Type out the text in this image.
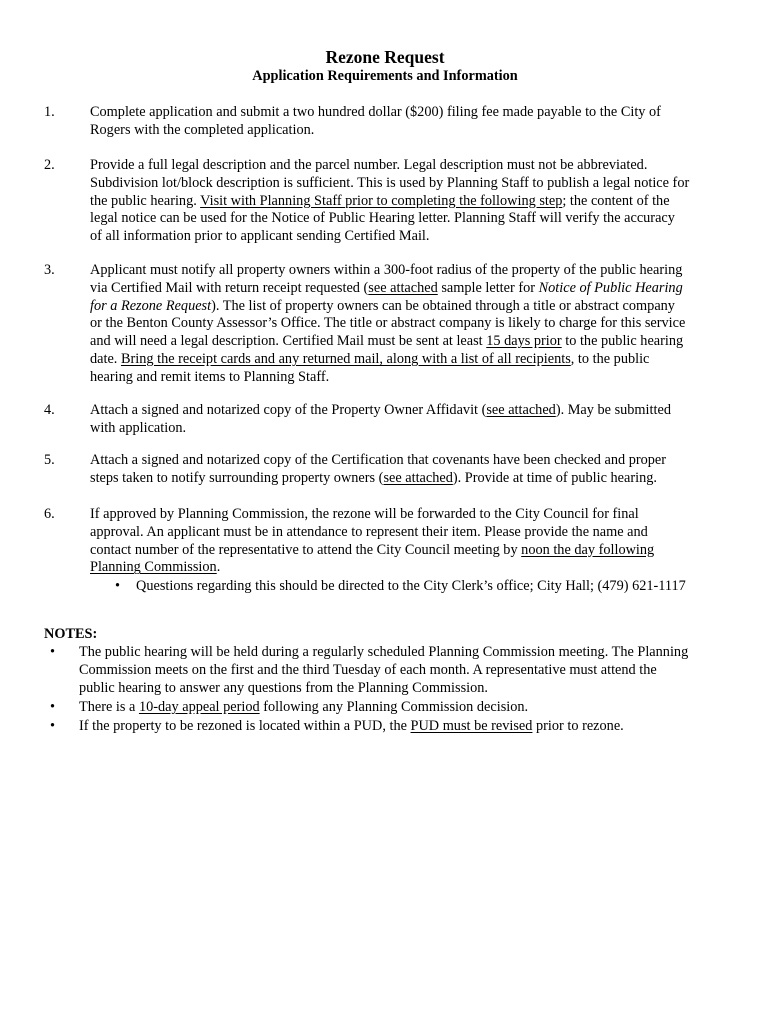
Rezone Request
Application Requirements and Information
1. Complete application and submit a two hundred dollar ($200) filing fee made payable to the City of
Rogers with the completed application.
2. Provide a full legal description and the parcel number. Legal description must not be abbreviated.
Subdivision lot/block description is sufficient. This is used by Planning Staff to publish a legal notice for
the public hearing. Visit with Planning Staff prior to completing the following step; the content of the
legal notice can be used for the Notice of Public Hearing letter. Planning Staff will verify the accuracy
of all information prior to applicant sending Certified Mail.
3. Applicant must notify all property owners within a 300-foot radius of the property of the public hearing
via Certified Mail with return receipt requested (see attached sample letter for Notice of Public Hearing
for a Rezone Request). The list of property owners can be obtained through a title or abstract company
or the Benton County Assessor’s Office. The title or abstract company is likely to charge for this service
and will need a legal description. Certified Mail must be sent at least 15 days prior to the public hearing
date. Bring the receipt cards and any returned mail, along with a list of all recipients, to the public
hearing and remit items to Planning Staff.
4. Attach a signed and notarized copy of the Property Owner Affidavit (see attached). May be submitted
with application.
5. Attach a signed and notarized copy of the Certification that covenants have been checked and proper
steps taken to notify surrounding property owners (see attached). Provide at time of public hearing.
6. If approved by Planning Commission, the rezone will be forwarded to the City Council for final
approval. An applicant must be in attendance to represent their item. Please provide the name and
contact number of the representative to attend the City Council meeting by noon the day following
Planning Commission.
• Questions regarding this should be directed to the City Clerk’s office; City Hall; (479) 621-1117
NOTES:
• The public hearing will be held during a regularly scheduled Planning Commission meeting. The Planning
Commission meets on the first and the third Tuesday of each month. A representative must attend the
public hearing to answer any questions from the Planning Commission.
• There is a 10-day appeal period following any Planning Commission decision.
• If the property to be rezoned is located within a PUD, the PUD must be revised prior to rezone.
